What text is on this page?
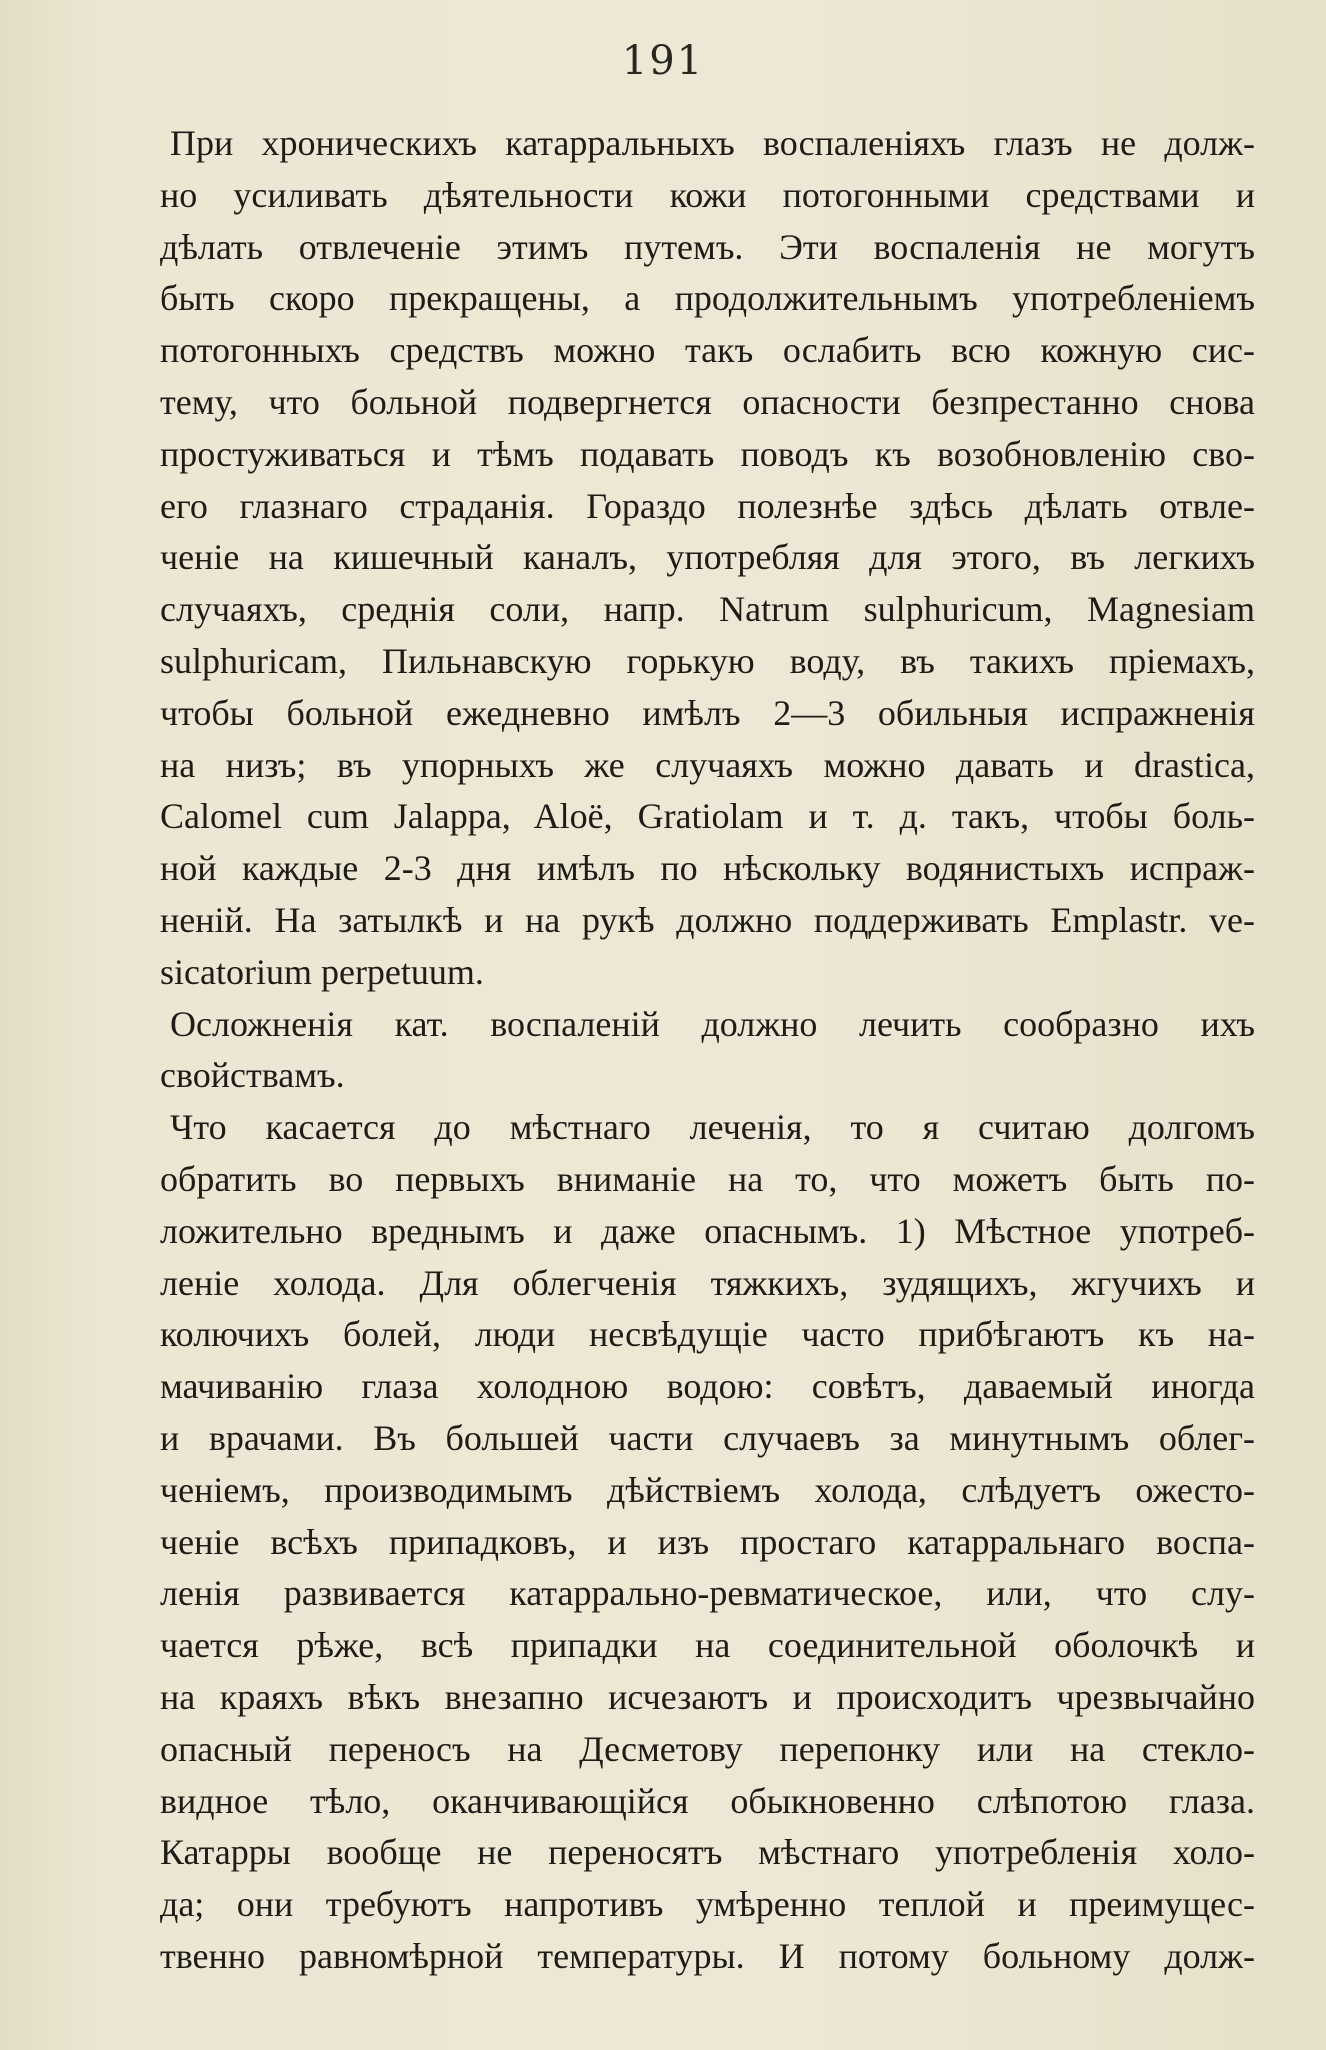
191
При хроническихъ катарральныхъ воспаленіяхъ глазъ не долж-
но усиливать дѣятельности кожи потогонными средствами и
дѣлать отвлеченіе этимъ путемъ. Эти воспаленія не могутъ
быть скоро прекращены, а продолжительнымъ употребленіемъ
потогонныхъ средствъ можно такъ ослабить всю кожную сис-
тему, что больной подвергнется опасности безпрестанно снова
простуживаться и тѣмъ подавать поводъ къ возобновленію сво-
его глазнаго страданія. Гораздо полезнѣе здѣсь дѣлать отвле-
ченіе на кишечный каналъ, употребляя для этого, въ легкихъ
случаяхъ, среднія соли, напр. Natrum sulphuricum, Magnesiam
sulphuricam, Пильнавскую горькую воду, въ такихъ пріемахъ,
чтобы больной ежедневно имѣлъ 2—3 обильныя испражненія
на низъ; въ упорныхъ же случаяхъ можно давать и drastica,
Calomel cum Jalappa, Aloë, Gratiolam и т. д. такъ, чтобы боль-
ной каждые 2-3 дня имѣлъ по нѣскольку водянистыхъ испраж-
неній. На затылкѣ и на рукѣ должно поддерживать Emplastr. ve-
sicatorium perpetuum.
Осложненія кат. воспаленій должно лечить сообразно ихъ
свойствамъ.
Что касается до мѣстнаго леченія, то я считаю долгомъ
обратить во первыхъ вниманіе на то, что можетъ быть по-
ложительно вреднымъ и даже опаснымъ. 1) Мѣстное употреб-
леніе холода. Для облегченія тяжкихъ, зудящихъ, жгучихъ и
колючихъ болей, люди несвѣдущіе часто прибѣгаютъ къ на-
мачиванію глаза холодною водою: совѣтъ, даваемый иногда
и врачами. Въ большей части случаевъ за минутнымъ облег-
ченіемъ, производимымъ дѣйствіемъ холода, слѣдуетъ ожесто-
ченіе всѣхъ припадковъ, и изъ простаго катарральнаго воспа-
ленія развивается катаррально-ревматическое, или, что слу-
чается рѣже, всѣ припадки на соединительной оболочкѣ и
на краяхъ вѣкъ внезапно исчезаютъ и происходитъ чрезвычайно
опасный переносъ на Десметову перепонку или на стекло-
видное тѣло, оканчивающійся обыкновенно слѣпотою глаза.
Катарры вообще не переносятъ мѣстнаго употребленія холо-
да; они требуютъ напротивъ умѣренно теплой и преимущес-
твенно равномѣрной температуры. И потому больному долж-
